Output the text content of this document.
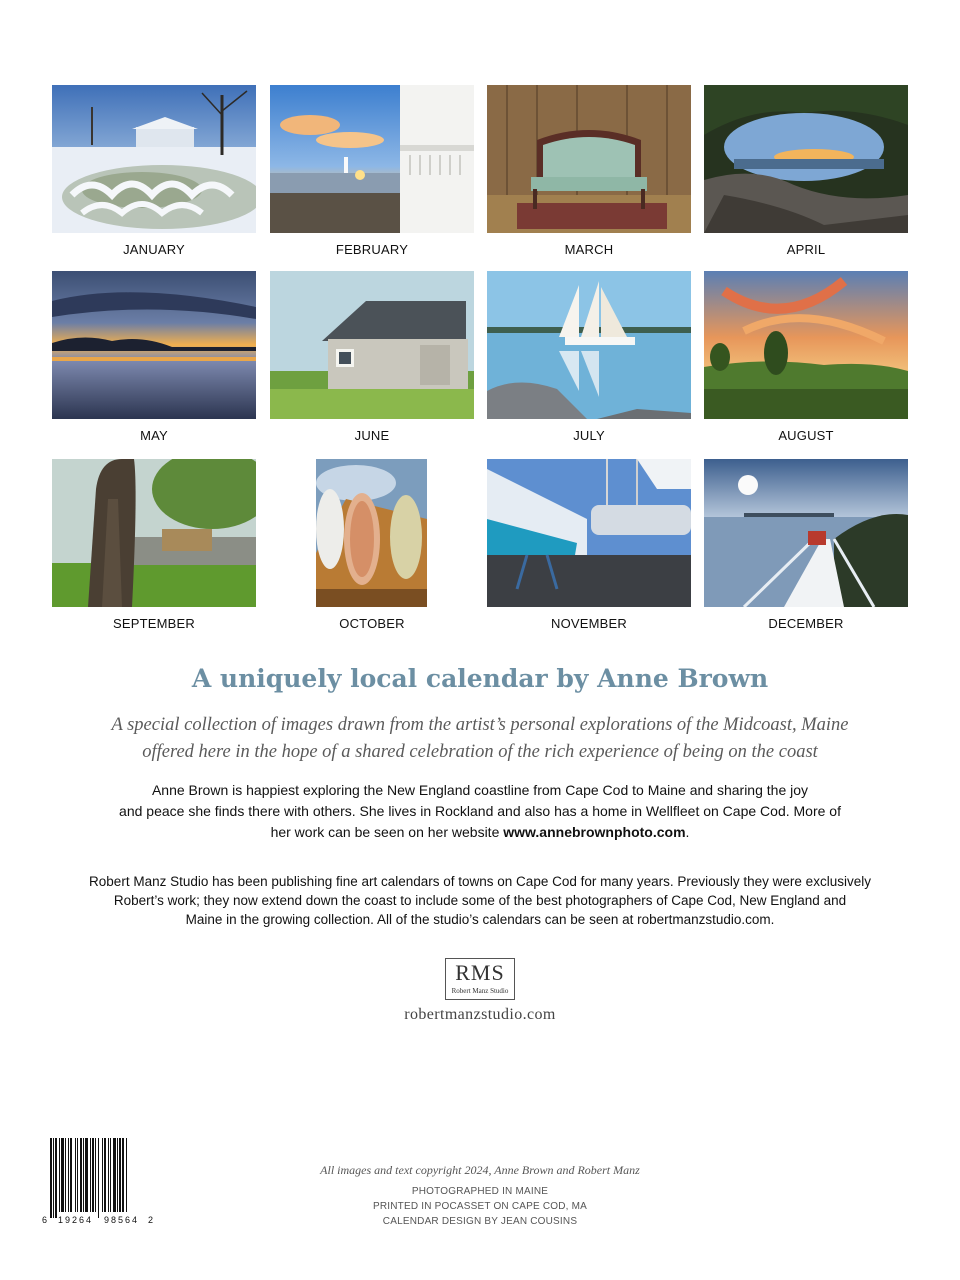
JANUARY	FEBRUARY	MARCH	APRIL
MAY	JUNE	JULY	AUGUST
SEPTEMBER	OCTOBER	NOVEMBER	DECEMBER
A uniquely local calendar by Anne Brown
A special collection of images drawn from the artist’s personal explorations of the Midcoast, Maine
offered here in the hope of a shared celebration of the rich experience of being on the coast
Anne Brown is happiest exploring the New England coastline from Cape Cod to Maine and sharing the joy
and peace she finds there with others. She lives in Rockland and also has a home in Wellfleet on Cape Cod. More of
her work can be seen on her website www.annebrownphoto.com.
Robert Manz Studio has been publishing fine art calendars of towns on Cape Cod for many years. Previously they were exclusively
Robert’s work; they now extend down the coast to include some of the best photographers of Cape Cod, New England and
Maine in the growing collection. All of the studio’s calendars can be seen at robertmanzstudio.com.
RMS
Robert Manz Studio
robertmanzstudio.com
6 19264 98564 2
All images and text copyright 2024, Anne Brown and Robert Manz
PHOTOGRAPHED IN MAINE
PRINTED IN POCASSET ON CAPE COD, MA
CALENDAR DESIGN BY JEAN COUSINS
